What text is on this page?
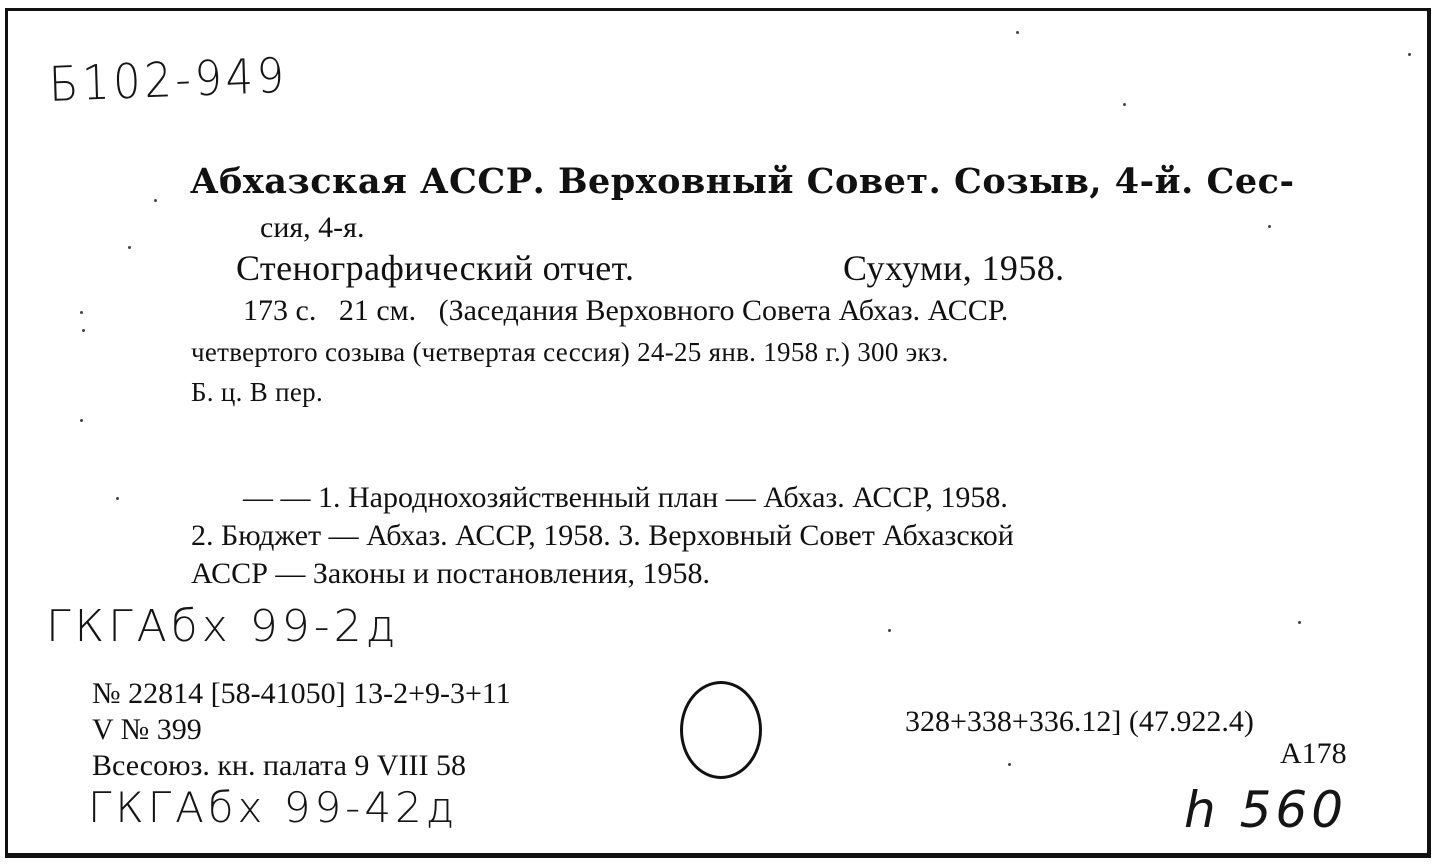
Б102-949
Абхазская АССР. Верховный Совет. Созыв, 4-й. Сес-
сия, 4-я.
Стенографический отчет.	Сухуми, 1958.
173 с.   21 см.   (Заседания Верховного Совета Абхаз. АССР.
четвертого созыва (четвертая сессия) 24-25 янв. 1958 г.) 300 экз.
Б. ц. В пер.
— — 1. Народнохозяйственный план — Абхаз. АССР, 1958.
2. Бюджет — Абхаз. АССР, 1958. 3. Верховный Совет Абхазской
АССР — Законы и постановления, 1958.
ГКГАбх 99-2д
№ 22814 [58-41050] 13-2+9-3+11
V № 399
Всесоюз. кн. палата 9 VIII 58
328+338+336.12] (47.922.4)
А178
ГКГАбх 99-42д	h 560
